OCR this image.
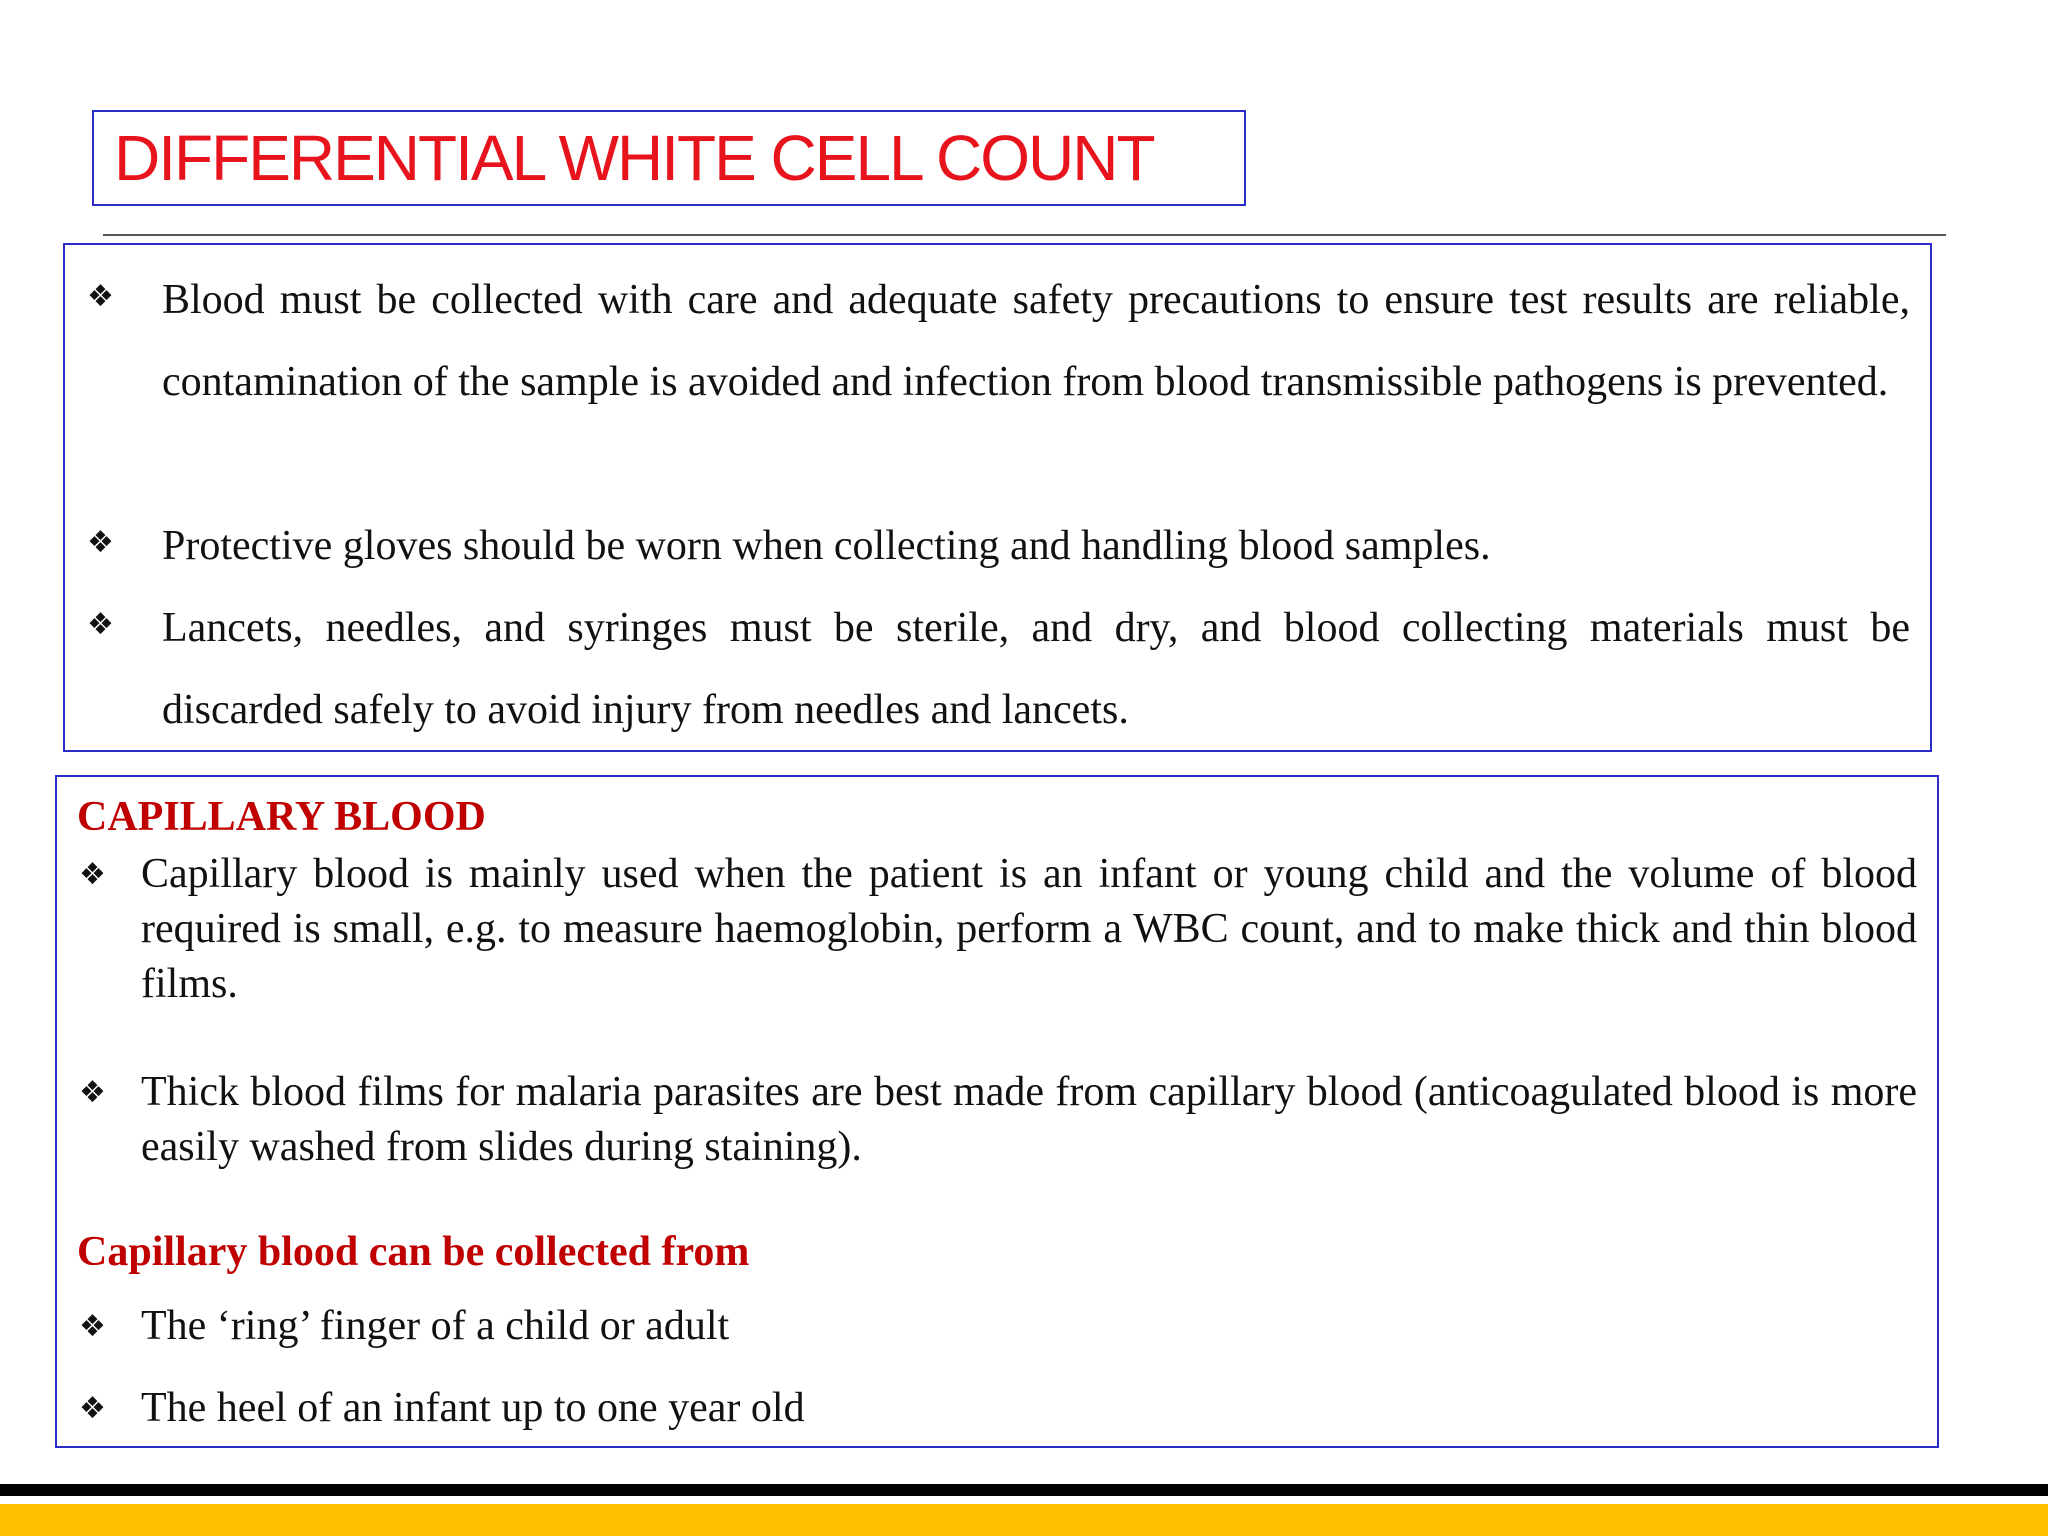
DIFFERENTIAL WHITE CELL COUNT
❖ Blood must be collected with care and adequate safety precautions to ensure test results are reliable, contamination of the sample is avoided and infection from blood transmissible pathogens is prevented.
❖ Protective gloves should be worn when collecting and handling blood samples.
❖ Lancets, needles, and syringes must be sterile, and dry, and blood collecting materials must be discarded safely to avoid injury from needles and lancets.
CAPILLARY BLOOD
❖ Capillary blood is mainly used when the patient is an infant or young child and the volume of blood required is small, e.g. to measure haemoglobin, perform a WBC count, and to make thick and thin blood films.
❖ Thick blood films for malaria parasites are best made from capillary blood (anticoagulated blood is more easily washed from slides during staining).
Capillary blood can be collected from
❖ The ‘ring’ finger of a child or adult
❖ The heel of an infant up to one year old
